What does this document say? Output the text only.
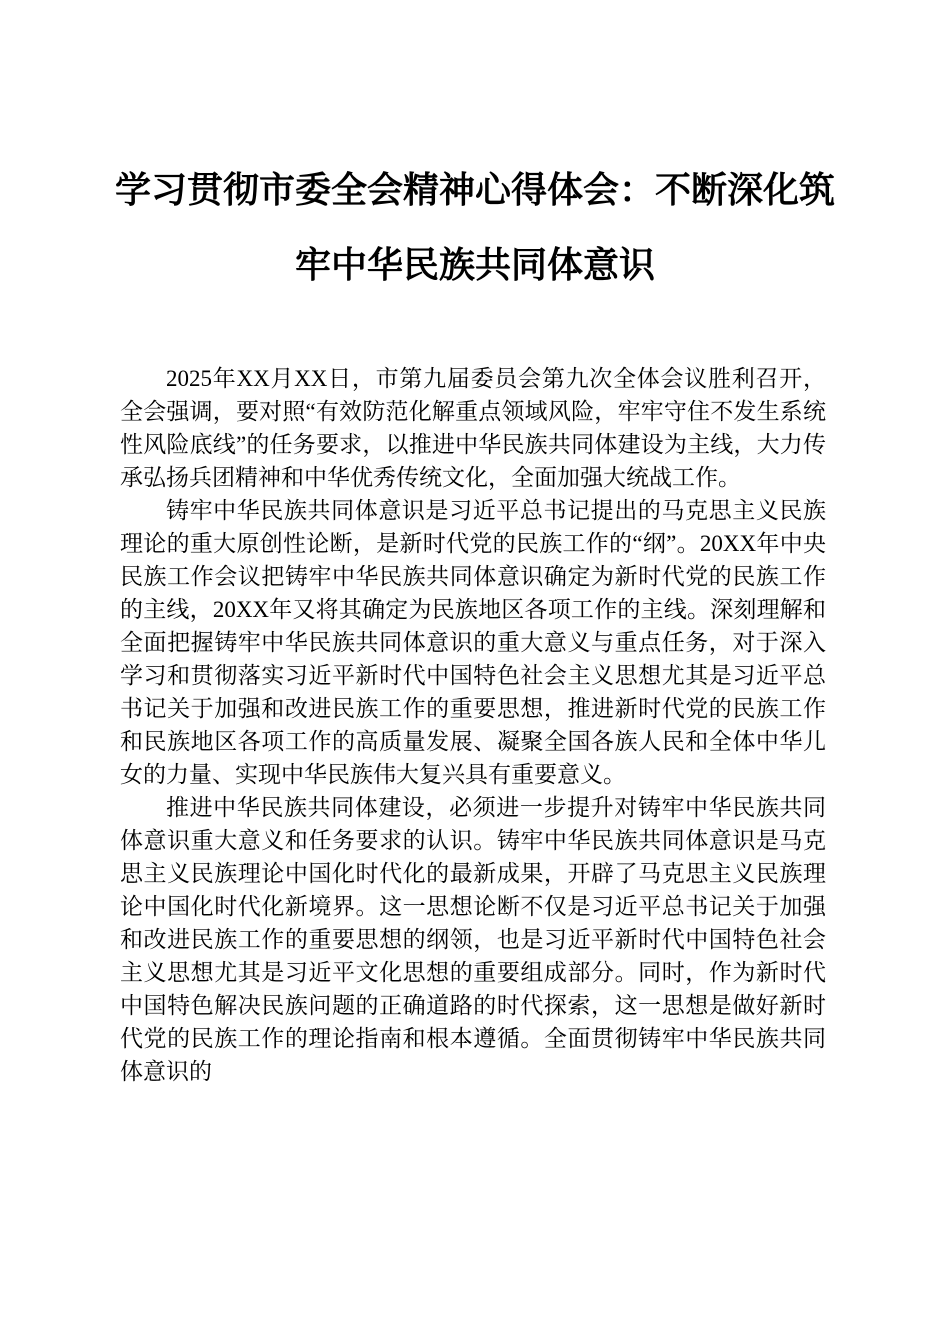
学习贯彻市委全会精神心得体会：不断深化筑
牢中华民族共同体意识

2025年XX月XX日，市第九届委员会第九次全体会议胜利召开，全会强调，要对照“有效防范化解重点领域风险，牢牢守住不发生系统性风险底线”的任务要求，以推进中华民族共同体建设为主线，大力传承弘扬兵团精神和中华优秀传统文化，全面加强大统战工作。

铸牢中华民族共同体意识是习近平总书记提出的马克思主义民族理论的重大原创性论断，是新时代党的民族工作的“纲”。20XX年中央民族工作会议把铸牢中华民族共同体意识确定为新时代党的民族工作的主线，20XX年又将其确定为民族地区各项工作的主线。深刻理解和全面把握铸牢中华民族共同体意识的重大意义与重点任务，对于深入学习和贯彻落实习近平新时代中国特色社会主义思想尤其是习近平总书记关于加强和改进民族工作的重要思想，推进新时代党的民族工作和民族地区各项工作的高质量发展、凝聚全国各族人民和全体中华儿女的力量、实现中华民族伟大复兴具有重要意义。

推进中华民族共同体建设，必须进一步提升对铸牢中华民族共同体意识重大意义和任务要求的认识。铸牢中华民族共同体意识是马克思主义民族理论中国化时代化的最新成果，开辟了马克思主义民族理论中国化时代化新境界。这一思想论断不仅是习近平总书记关于加强和改进民族工作的重要思想的纲领，也是习近平新时代中国特色社会主义思想尤其是习近平文化思想的重要组成部分。同时，作为新时代中国特色解决民族问题的正确道路的时代探索，这一思想是做好新时代党的民族工作的理论指南和根本遵循。全面贯彻铸牢中华民族共同体意识的
